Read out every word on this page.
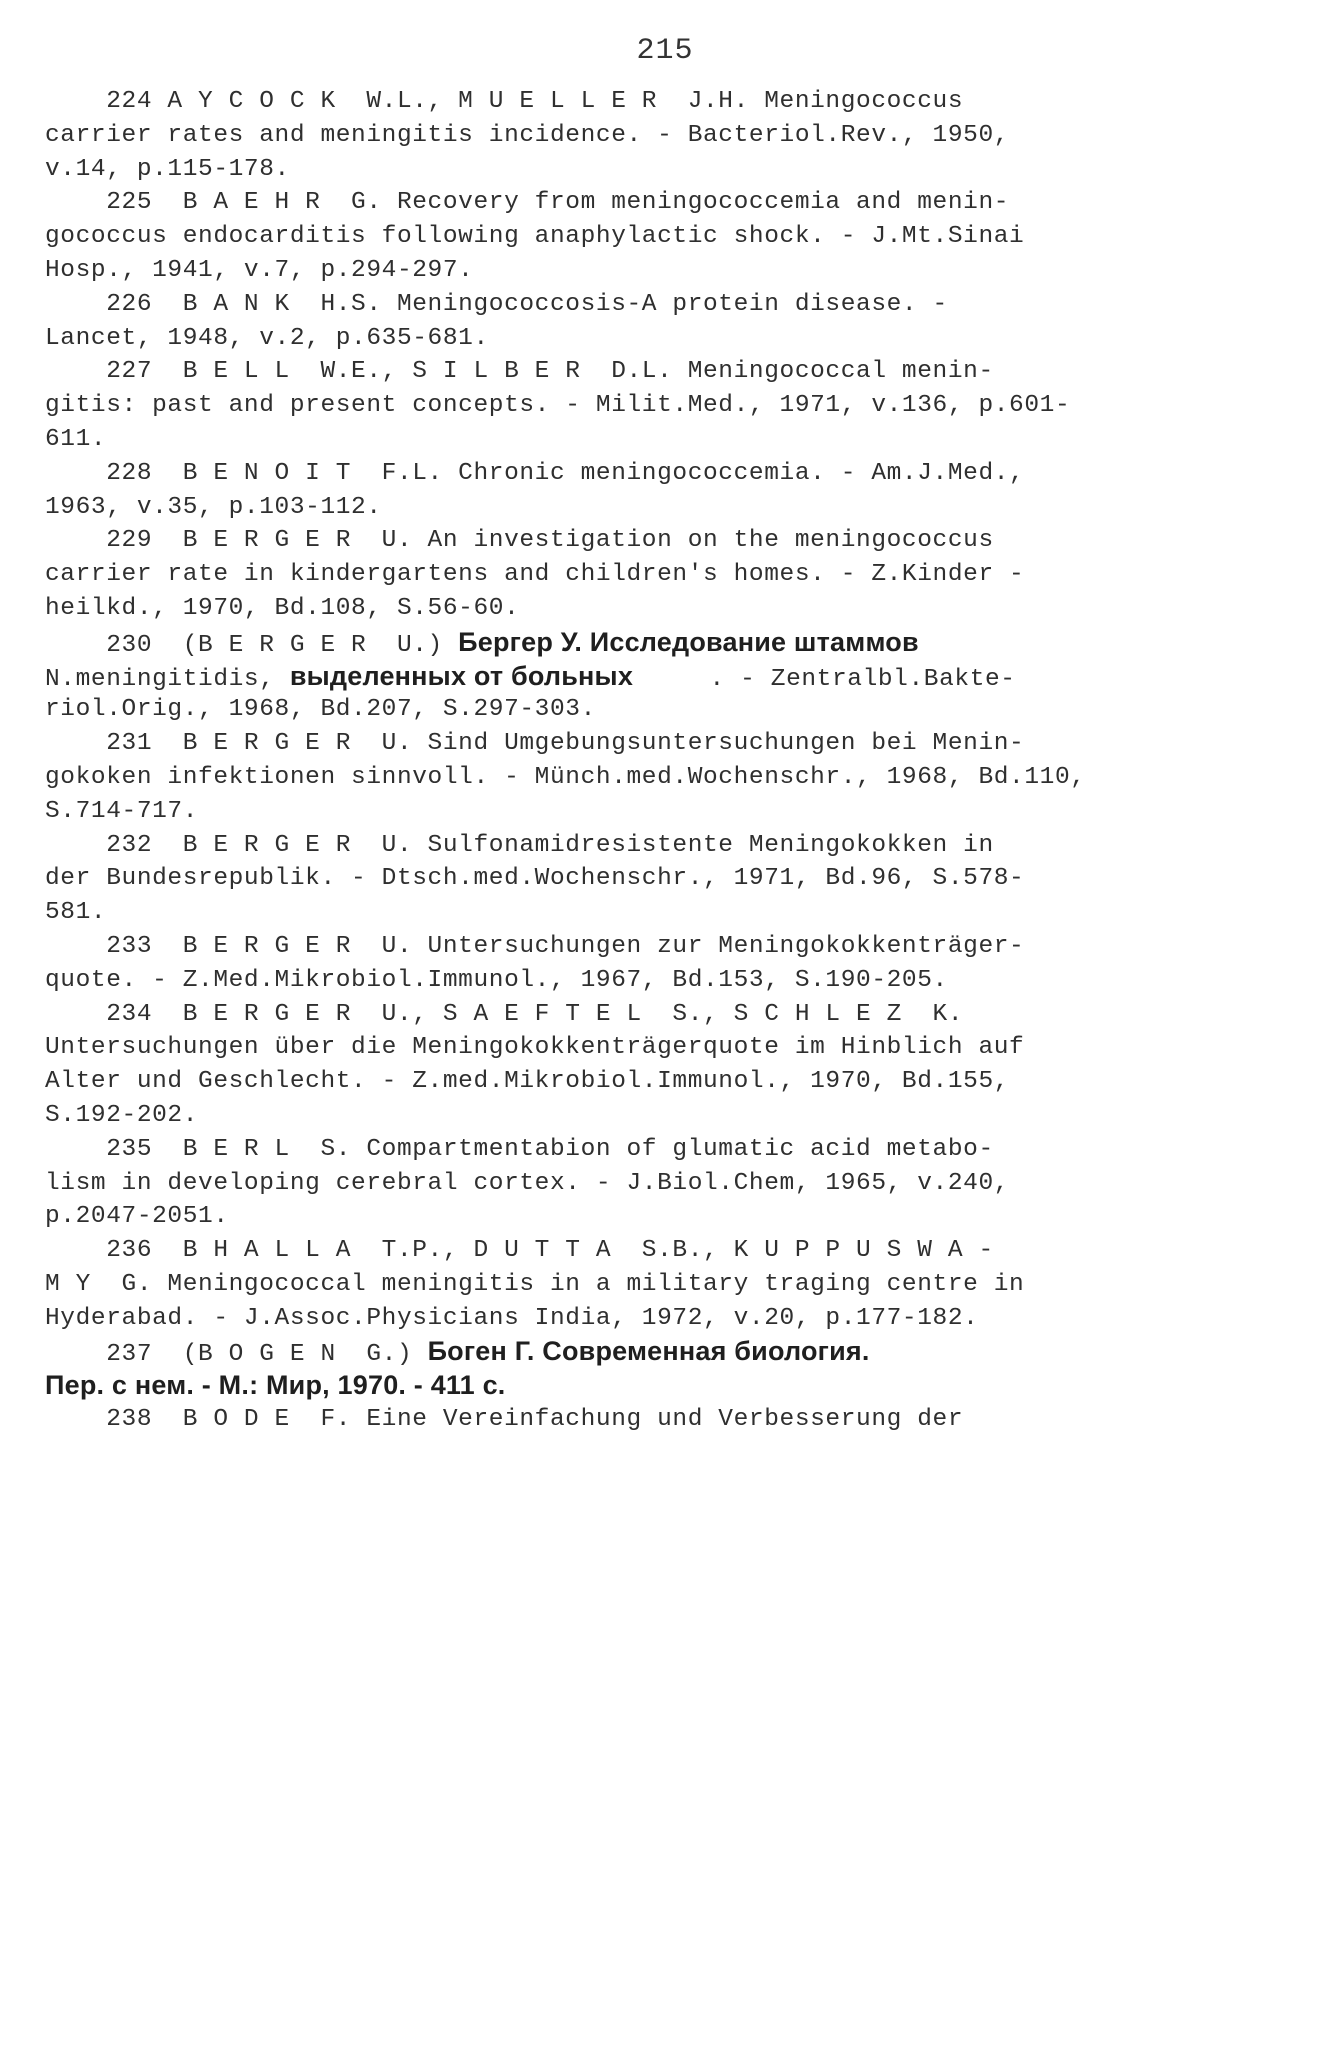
215
224 A Y C O C K  W.L., M U E L L E R  J.H. Meningococcus
carrier rates and meningitis incidence. - Bacteriol.Rev., 1950,
v.14, p.115-178.
225  B A E H R  G. Recovery from meningococcemia and menin-
gococcus endocarditis following anaphylactic shock. - J.Mt.Sinai
Hosp., 1941, v.7, p.294-297.
226  B A N K  H.S. Meningococcosis-A protein disease. -
Lancet, 1948, v.2, p.635-681.
227  B E L L  W.E., S I L B E R  D.L. Meningococcal menin-
gitis: past and present concepts. - Milit.Med., 1971, v.136, p.601-
611.
228  B E N O I T  F.L. Chronic meningococcemia. - Am.J.Med.,
1963, v.35, p.103-112.
229  B E R G E R  U. An investigation on the meningococcus
carrier rate in kindergartens and children's homes. - Z.Kinder -
heilkd., 1970, Bd.108, S.56-60.
230  (B E R G E R  U.) Бергер У. Исследование штаммов
N.meningitidis, выделенных от больных     . - Zentralbl.Bakte-
riol.Orig., 1968, Bd.207, S.297-303.
231  B E R G E R  U. Sind Umgebungsuntersuchungen bei Menin-
gokoken infektionen sinnvoll. - Münch.med.Wochenschr., 1968, Bd.110,
S.714-717.
232  B E R G E R  U. Sulfonamidresistente Meningokokken in
der Bundesrepublik. - Dtsch.med.Wochenschr., 1971, Bd.96, S.578-
581.
233  B E R G E R  U. Untersuchungen zur Meningokokkenträger-
quote. - Z.Med.Mikrobiol.Immunol., 1967, Bd.153, S.190-205.
234  B E R G E R  U., S A E F T E L  S., S C H L E Z  K.
Untersuchungen über die Meningokokkenträgerquote im Hinblich auf
Alter und Geschlecht. - Z.med.Mikrobiol.Immunol., 1970, Bd.155,
S.192-202.
235  B E R L  S. Compartmentabion of glumatic acid metabo-
lism in developing cerebral cortex. - J.Biol.Chem, 1965, v.240,
p.2047-2051.
236  B H A L L A  T.P., D U T T A  S.B., K U P P U S W A -
M Y  G. Meningococcal meningitis in a military traging centre in
Hyderabad. - J.Assoc.Physicians India, 1972, v.20, p.177-182.
237  (B O G E N  G.) Боген Г. Современная биология.
Пер. с нем. - М.: Мир, 1970. - 411 с.
238  B O D E  F. Eine Vereinfachung und Verbesserung der
